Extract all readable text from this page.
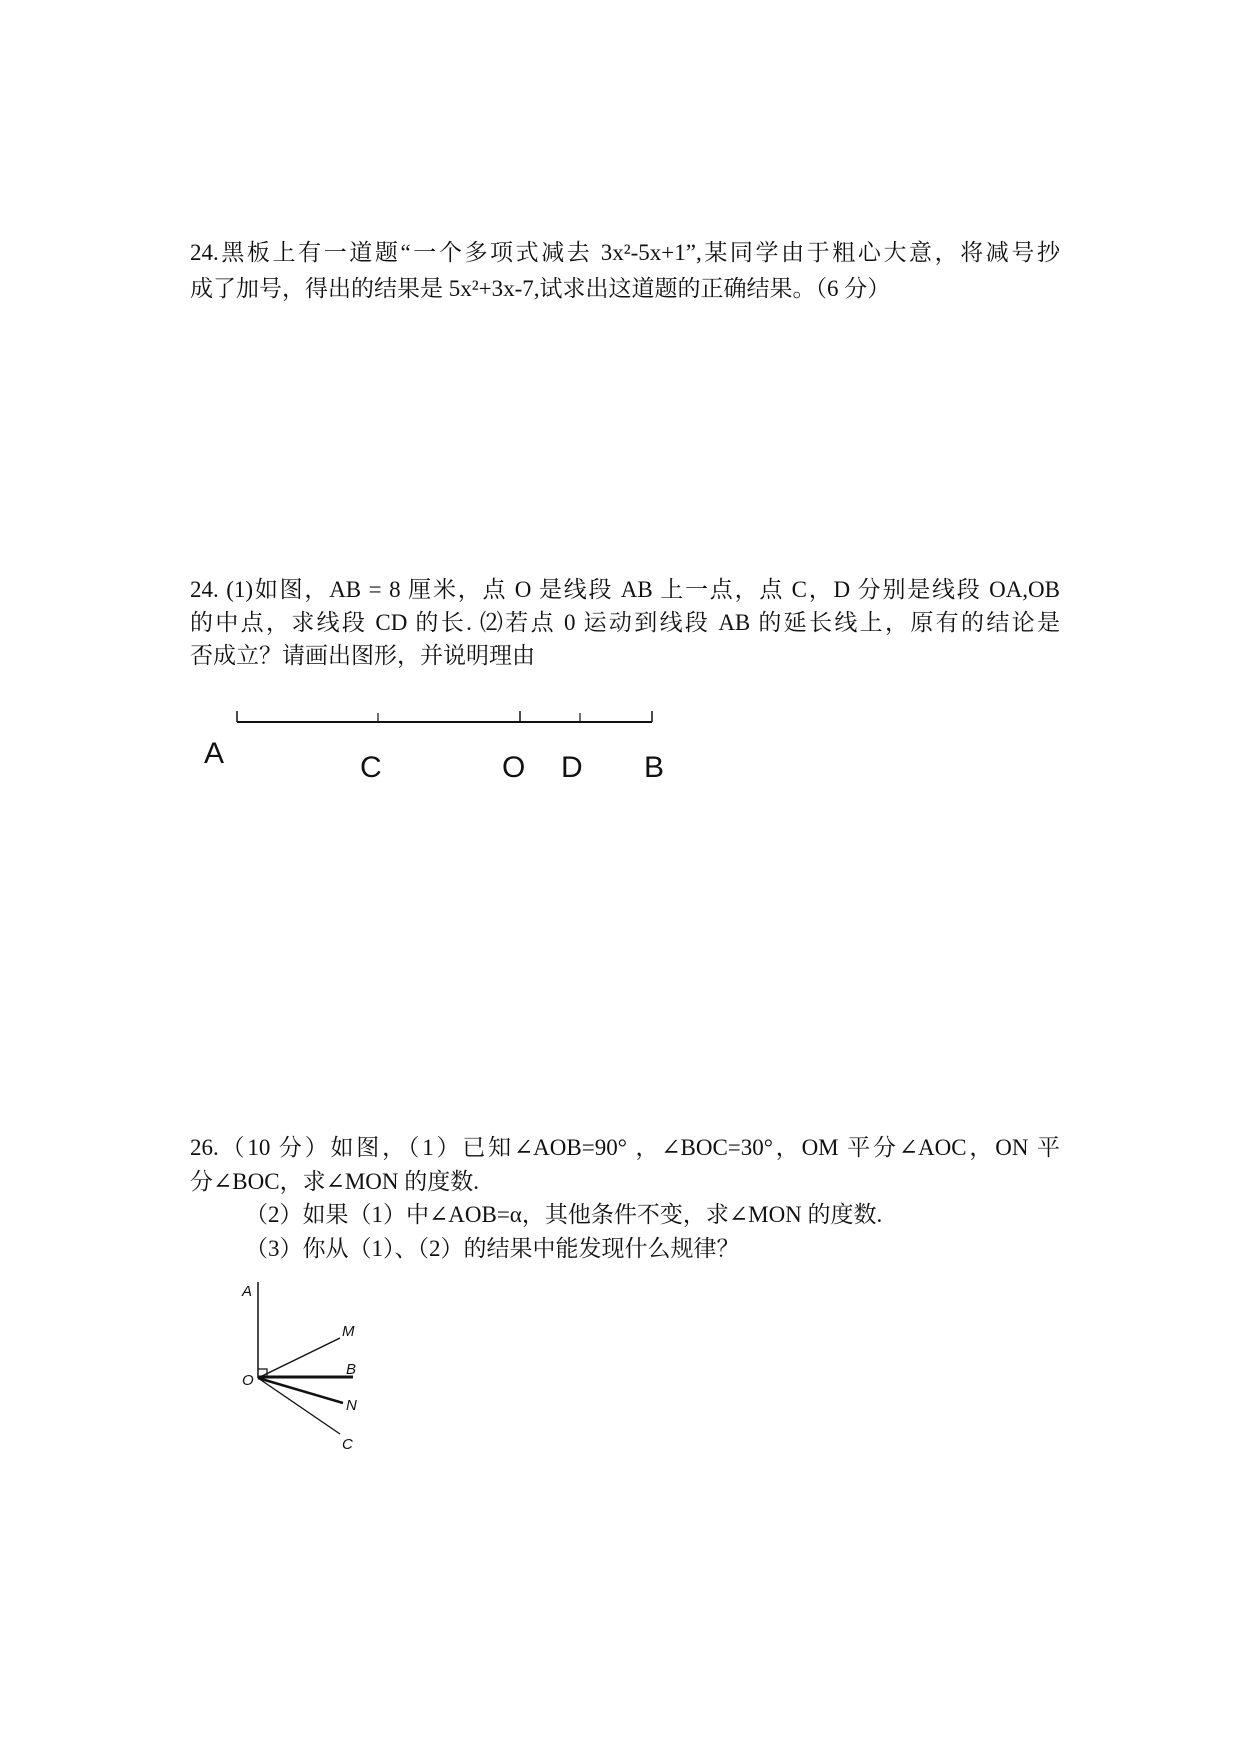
24.黑板上有一道题“一个多项式减去 3x²-5x+1”,某同学由于粗心大意，将减号抄
成了加号，得出的结果是 5x²+3x-7,试求出这道题的正确结果。（6 分）
24. (1)如图，AB = 8 厘米，点 O 是线段 AB 上一点，点 C，D 分别是线段 OA,OB
的中点，求线段 CD 的长. ⑵若点 0 运动到线段 AB 的延长线上，原有的结论是
否成立？请画出图形，并说明理由
A	C	O D B
26.（10 分）如图，（1）已知∠AOB=90° ，∠BOC=30°，OM 平分∠AOC，ON 平
分∠BOC，求∠MON 的度数.
（2）如果（1）中∠AOB=α，其他条件不变，求∠MON 的度数.
（3）你从（1）、（2）的结果中能发现什么规律？
A
M
B
N
C
O
